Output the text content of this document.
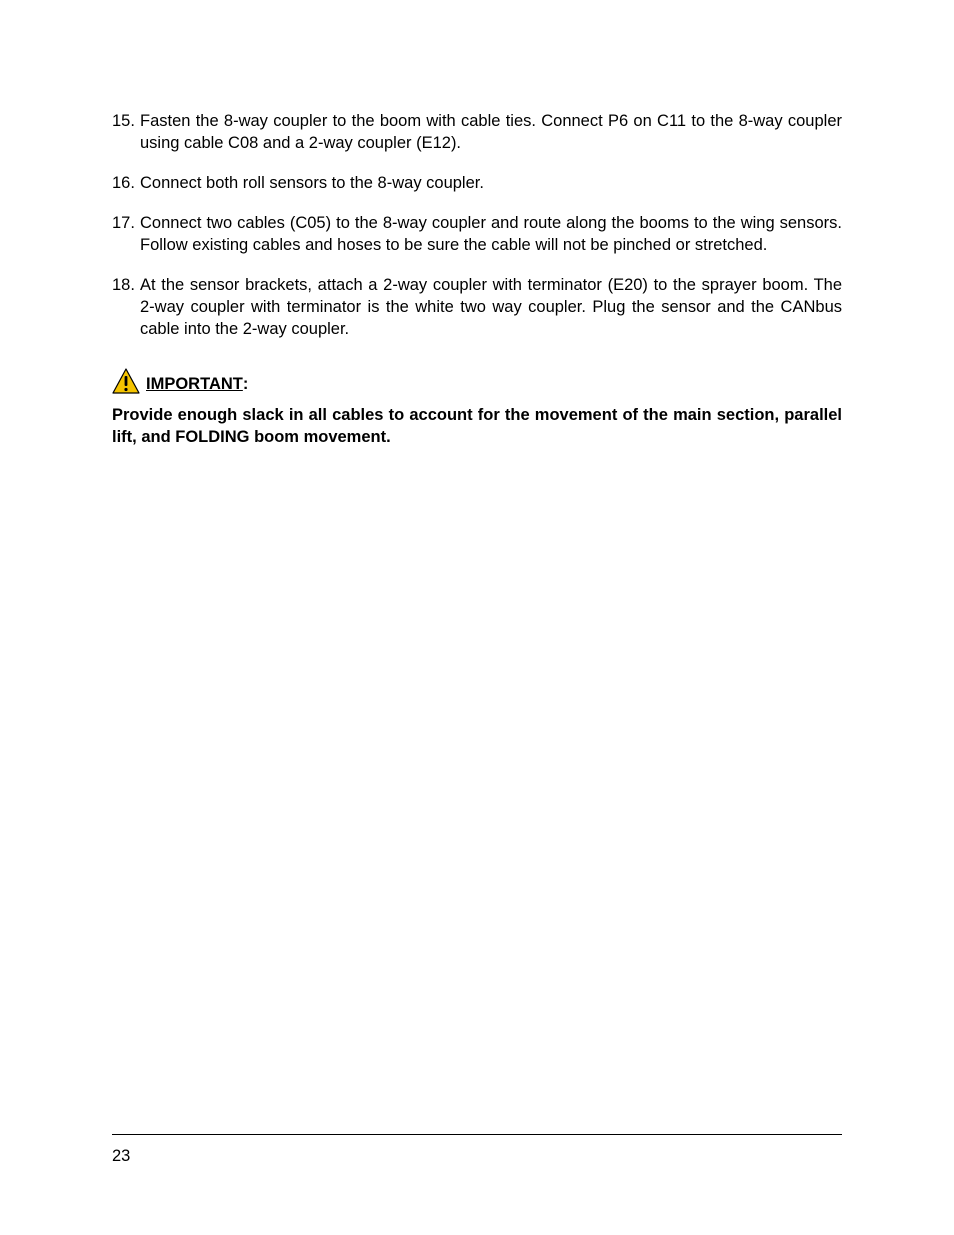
15. Fasten the 8-way coupler to the boom with cable ties. Connect P6 on C11 to the 8-way coupler using cable C08 and a 2-way coupler (E12).
16. Connect both roll sensors to the 8-way coupler.
17. Connect two cables (C05) to the 8-way coupler and route along the booms to the wing sensors. Follow existing cables and hoses to be sure the cable will not be pinched or stretched.
18. At the sensor brackets, attach a 2-way coupler with terminator (E20) to the sprayer boom. The 2-way coupler with terminator is the white two way coupler. Plug the sensor and the CANbus cable into the 2-way coupler.
IMPORTANT :
Provide enough slack in all cables to account for the movement of the main section, parallel lift, and FOLDING boom movement.
23
